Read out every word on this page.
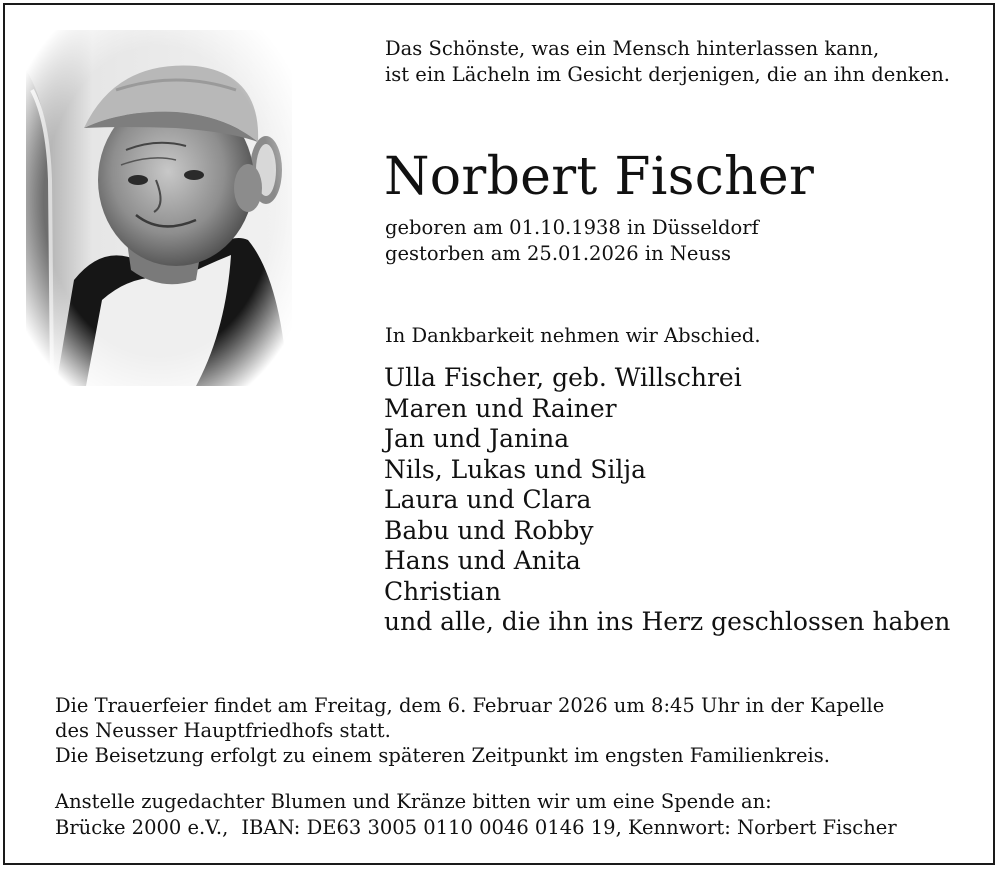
Das Schönste, was ein Mensch hinterlassen kann,
ist ein Lächeln im Gesicht derjenigen, die an ihn denken.
Norbert Fischer
geboren am 01.10.1938 in Düsseldorf
gestorben am 25.01.2026 in Neuss
In Dankbarkeit nehmen wir Abschied.
Ulla Fischer, geb. Willschrei
Maren und Rainer
Jan und Janina
Nils, Lukas und Silja
Laura und Clara
Babu und Robby
Hans und Anita
Christian
und alle, die ihn ins Herz geschlossen haben
Die Trauerfeier findet am Freitag, dem 6. Februar 2026 um 8:45 Uhr in der Kapelle
des Neusser Hauptfriedhofs statt.
Die Beisetzung erfolgt zu einem späteren Zeitpunkt im engsten Familienkreis.
Anstelle zugedachter Blumen und Kränze bitten wir um eine Spende an:
Brücke 2000 e.V., IBAN: DE63 3005 0110 0046 0146 19, Kennwort: Norbert Fischer
